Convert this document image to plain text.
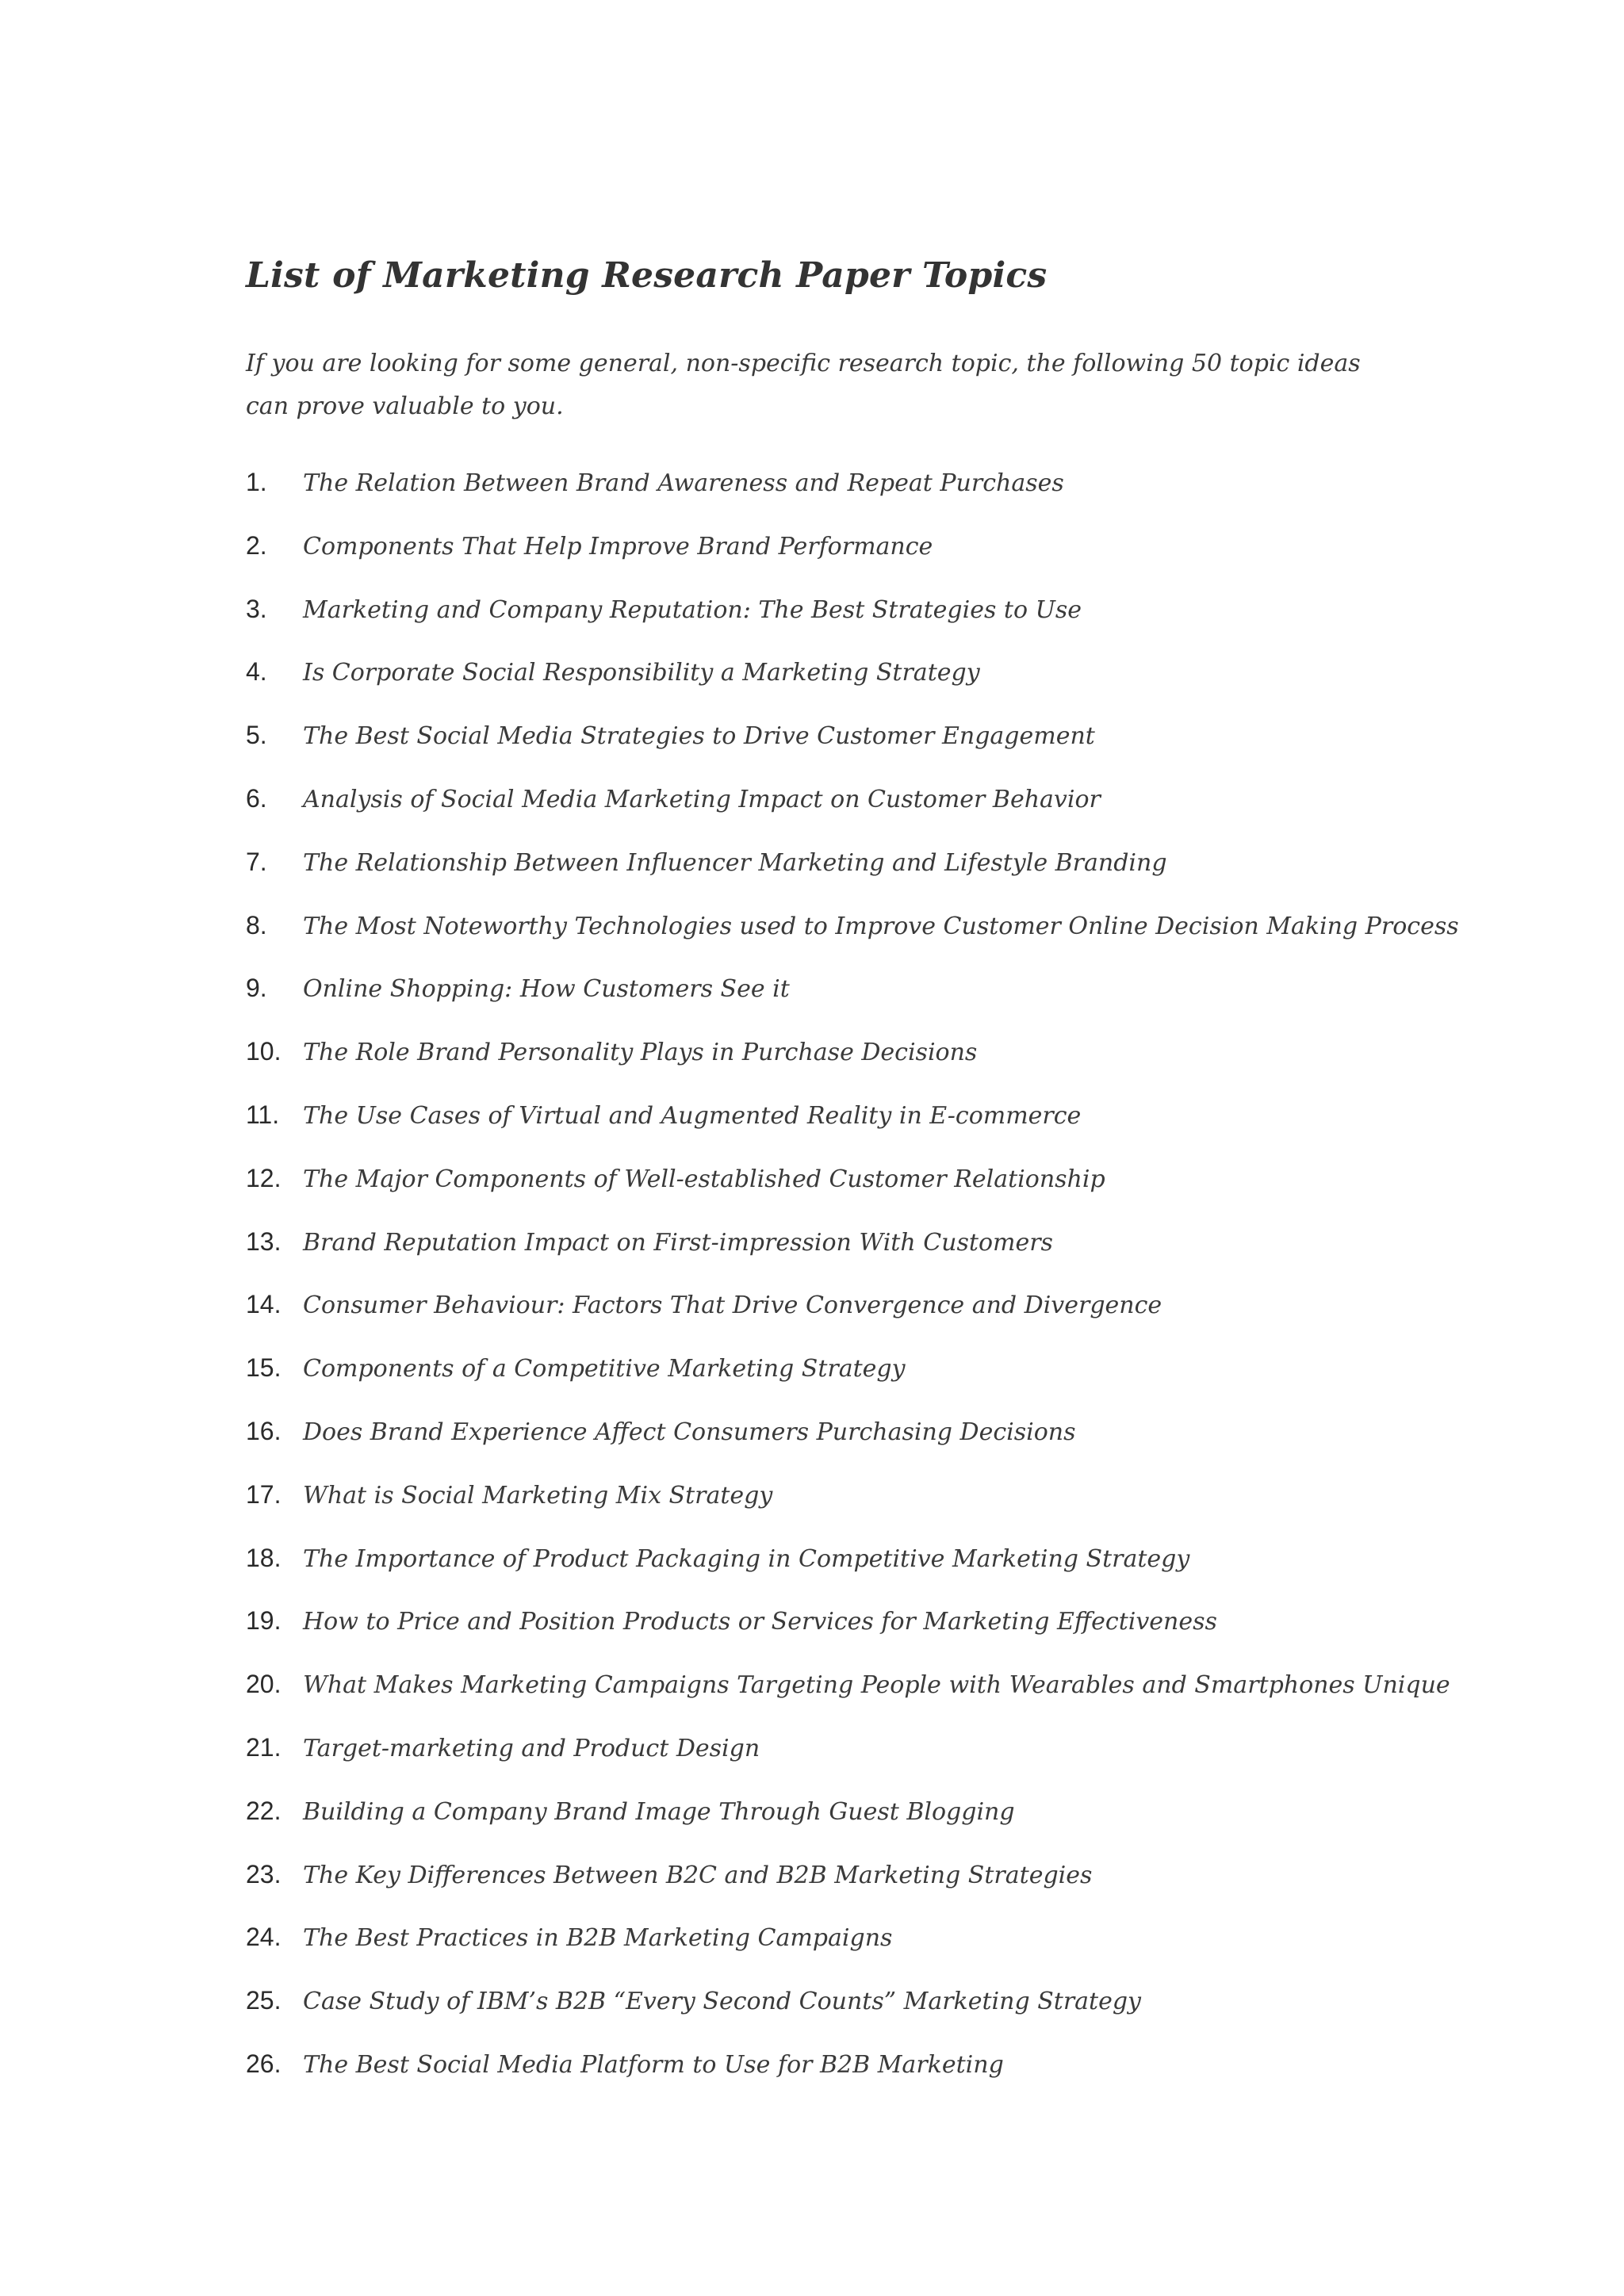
List of Marketing Research Paper Topics

If you are looking for some general, non-specific research topic, the following 50 topic ideas can prove valuable to you.

1.	The Relation Between Brand Awareness and Repeat Purchases
2.	Components That Help Improve Brand Performance
3.	Marketing and Company Reputation: The Best Strategies to Use
4.	Is Corporate Social Responsibility a Marketing Strategy
5.	The Best Social Media Strategies to Drive Customer Engagement
6.	Analysis of Social Media Marketing Impact on Customer Behavior
7.	The Relationship Between Influencer Marketing and Lifestyle Branding
8.	The Most Noteworthy Technologies used to Improve Customer Online Decision Making Process
9.	Online Shopping: How Customers See it
10. The Role Brand Personality Plays in Purchase Decisions
11. The Use Cases of Virtual and Augmented Reality in E-commerce
12. The Major Components of Well-established Customer Relationship
13. Brand Reputation Impact on First-impression With Customers
14. Consumer Behaviour: Factors That Drive Convergence and Divergence
15. Components of a Competitive Marketing Strategy
16. Does Brand Experience Affect Consumers Purchasing Decisions
17. What is Social Marketing Mix Strategy
18. The Importance of Product Packaging in Competitive Marketing Strategy
19. How to Price and Position Products or Services for Marketing Effectiveness
20. What Makes Marketing Campaigns Targeting People with Wearables and Smartphones Unique
21. Target-marketing and Product Design
22. Building a Company Brand Image Through Guest Blogging
23. The Key Differences Between B2C and B2B Marketing Strategies
24. The Best Practices in B2B Marketing Campaigns
25. Case Study of IBM’s B2B “Every Second Counts” Marketing Strategy
26. The Best Social Media Platform to Use for B2B Marketing
